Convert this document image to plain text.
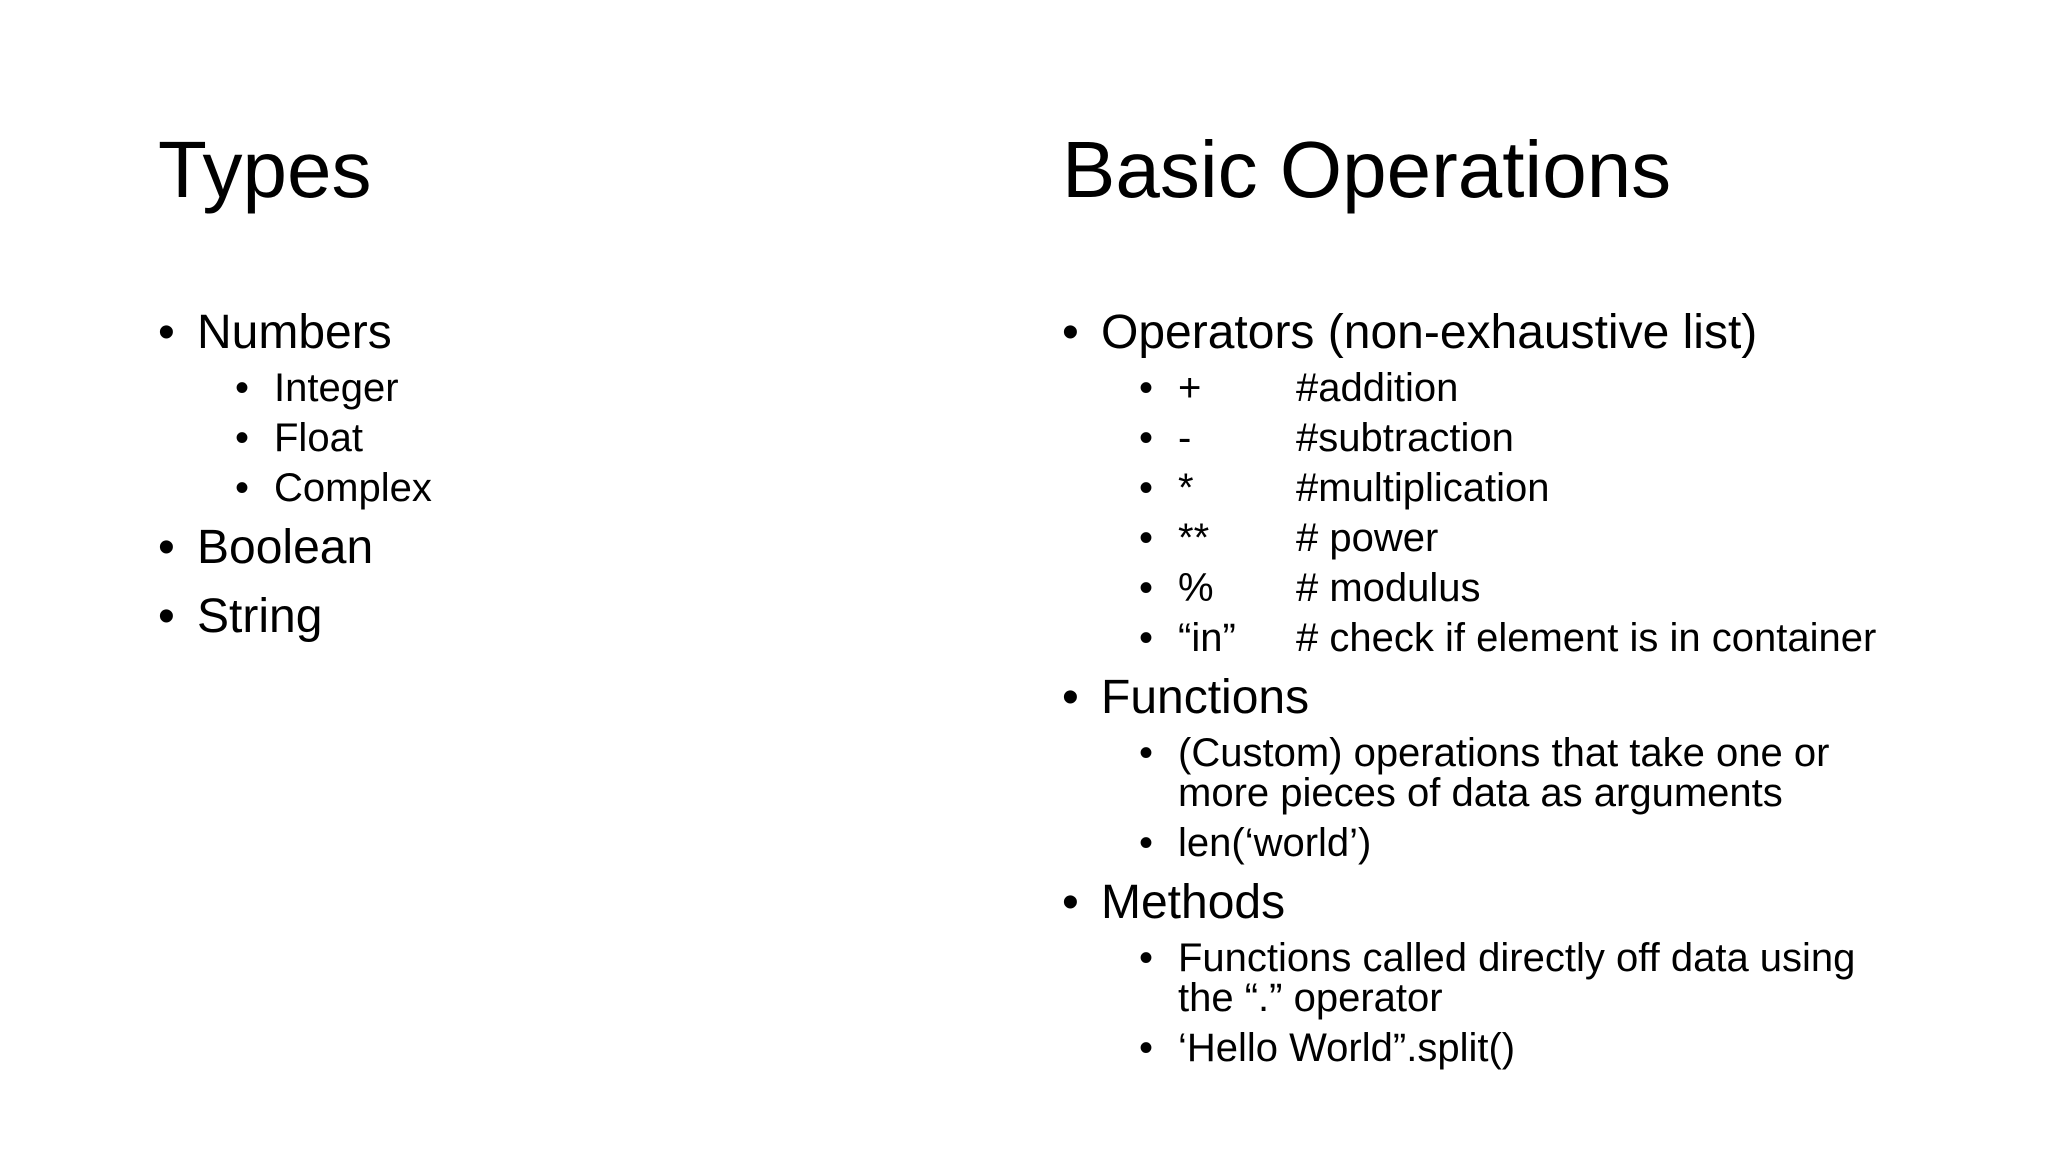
Types	Basic Operations
• Numbers
• Integer
• Float
• Complex
• Boolean
• String
• Operators (non-exhaustive list)
• + #addition
• -	#subtraction
• *	#multiplication
• ** # power
• % # modulus
• “in” # check if element is in container
• Functions
• (Custom) operations that take one or
more pieces of data as arguments
• len(‘world’)
• Methods
• Functions called directly off data using
the “.” operator
• ‘Hello World”.split()
